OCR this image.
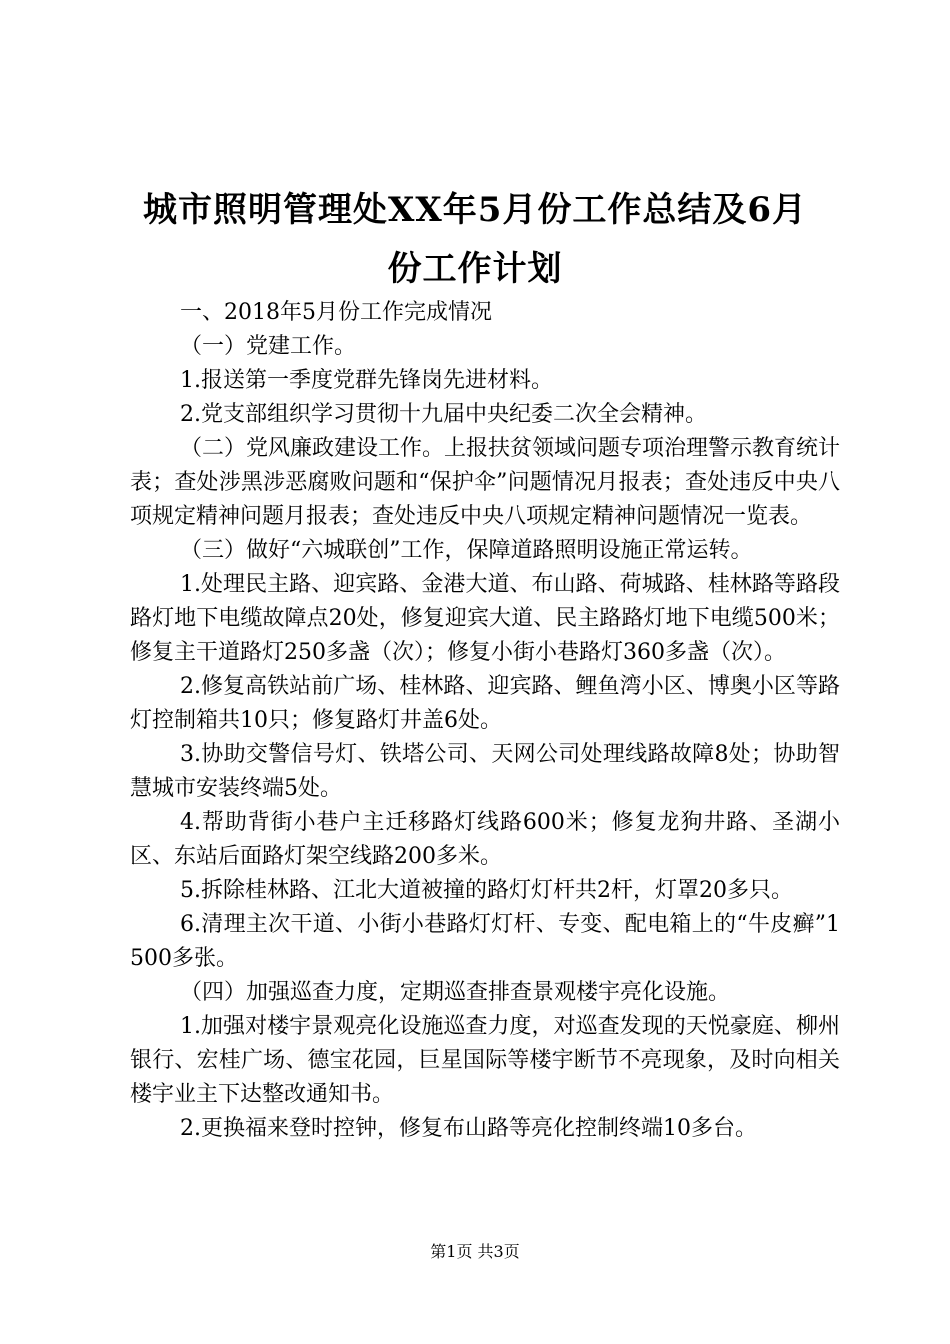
城市照明管理处XX年5月份工作总结及6月
份工作计划

一、2018年5月份工作完成情况

（一）党建工作。

1.报送第一季度党群先锋岗先进材料。

2.党支部组织学习贯彻十九届中央纪委二次全会精神。

（二）党风廉政建设工作。上报扶贫领域问题专项治理警示教育统计表；查处涉黑涉恶腐败问题和“保护伞”问题情况月报表；查处违反中央八项规定精神问题月报表；查处违反中央八项规定精神问题情况一览表。

（三）做好“六城联创”工作，保障道路照明设施正常运转。

1.处理民主路、迎宾路、金港大道、布山路、荷城路、桂林路等路段路灯地下电缆故障点20处，修复迎宾大道、民主路路灯地下电缆500米；修复主干道路灯250多盏（次）；修复小街小巷路灯360多盏（次）。

2.修复高铁站前广场、桂林路、迎宾路、鲤鱼湾小区、博奥小区等路灯控制箱共10只；修复路灯井盖6处。

3.协助交警信号灯、铁塔公司、天网公司处理线路故障8处；协助智慧城市安装终端5处。

4.帮助背街小巷户主迁移路灯线路600米；修复龙狗井路、圣湖小区、东站后面路灯架空线路200多米。

5.拆除桂林路、江北大道被撞的路灯灯杆共2杆，灯罩20多只。

6.清理主次干道、小街小巷路灯灯杆、专变、配电箱上的“牛皮癣”1500多张。

（四）加强巡查力度，定期巡查排查景观楼宇亮化设施。

1.加强对楼宇景观亮化设施巡查力度，对巡查发现的天悦豪庭、柳州银行、宏桂广场、德宝花园，巨星国际等楼宇断节不亮现象，及时向相关楼宇业主下达整改通知书。

2.更换福来登时控钟，修复布山路等亮化控制终端10多台。

第1页 共3页
